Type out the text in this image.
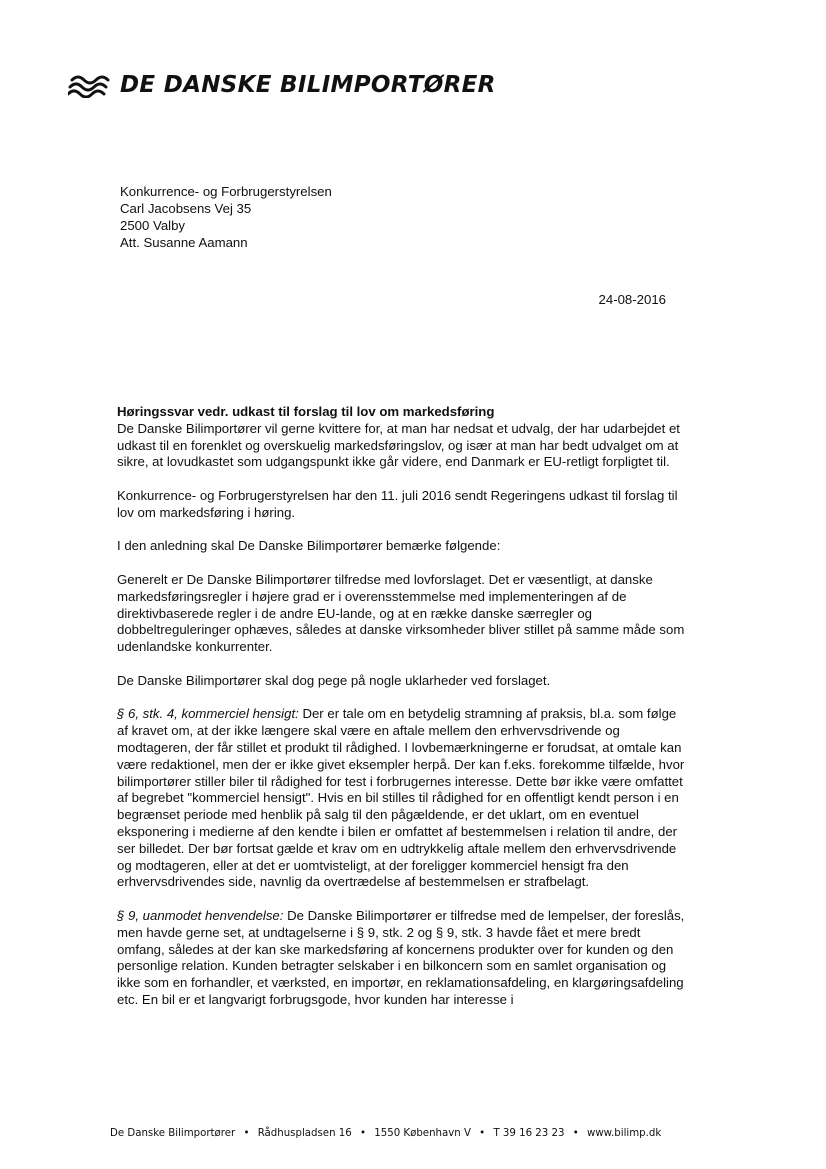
DE DANSKE BILIMPORTØRER
Konkurrence- og Forbrugerstyrelsen
Carl Jacobsens Vej 35
2500 Valby
Att. Susanne Aamann
24-08-2016

Høringssvar vedr. udkast til forslag til lov om markedsføring
De Danske Bilimportører vil gerne kvittere for, at man har nedsat et udvalg, der har udarbejdet et udkast til en forenklet og overskuelig markedsføringslov, og især at man har bedt udvalget om at sikre, at lovudkastet som udgangspunkt ikke går videre, end Danmark er EU-retligt forpligtet til.

Konkurrence- og Forbrugerstyrelsen har den 11. juli 2016 sendt Regeringens udkast til forslag til lov om markedsføring i høring.

I den anledning skal De Danske Bilimportører bemærke følgende:

Generelt er De Danske Bilimportører tilfredse med lovforslaget. Det er væsentligt, at danske markedsføringsregler i højere grad er i overensstemmelse med implementeringen af de direktivbaserede regler i de andre EU-lande, og at en række danske særregler og dobbeltreguleringer ophæves, således at danske virksomheder bliver stillet på samme måde som udenlandske konkurrenter.

De Danske Bilimportører skal dog pege på nogle uklarheder ved forslaget.

§ 6, stk. 4, kommerciel hensigt: Der er tale om en betydelig stramning af praksis, bl.a. som følge af kravet om, at der ikke længere skal være en aftale mellem den erhvervsdrivende og modtageren, der får stillet et produkt til rådighed. I lovbemærkningerne er forudsat, at omtale kan være redaktionel, men der er ikke givet eksempler herpå. Der kan f.eks. forekomme tilfælde, hvor bilimportører stiller biler til rådighed for test i forbrugernes interesse. Dette bør ikke være omfattet af begrebet "kommerciel hensigt". Hvis en bil stilles til rådighed for en offentligt kendt person i en begrænset periode med henblik på salg til den pågældende, er det uklart, om en eventuel eksponering i medierne af den kendte i bilen er omfattet af bestemmelsen i relation til andre, der ser billedet. Der bør fortsat gælde et krav om en udtrykkelig aftale mellem den erhvervsdrivende og modtageren, eller at det er uomtvisteligt, at der foreligger kommerciel hensigt fra den erhvervsdrivendes side, navnlig da overtrædelse af bestemmelsen er strafbelagt.

§ 9, uanmodet henvendelse: De Danske Bilimportører er tilfredse med de lempelser, der foreslås, men havde gerne set, at undtagelserne i § 9, stk. 2 og § 9, stk. 3 havde fået et mere bredt omfang, således at der kan ske markedsføring af koncernens produkter over for kunden og den personlige relation. Kunden betragter selskaber i en bilkoncern som en samlet organisation og ikke som en forhandler, et værksted, en importør, en reklamationsafdeling, en klargøringsafdeling etc. En bil er et langvarigt forbrugsgode, hvor kunden har interesse i

De Danske Bilimportører • Rådhuspladsen 16 • 1550 København V • T 39 16 23 23 • www.bilimp.dk
